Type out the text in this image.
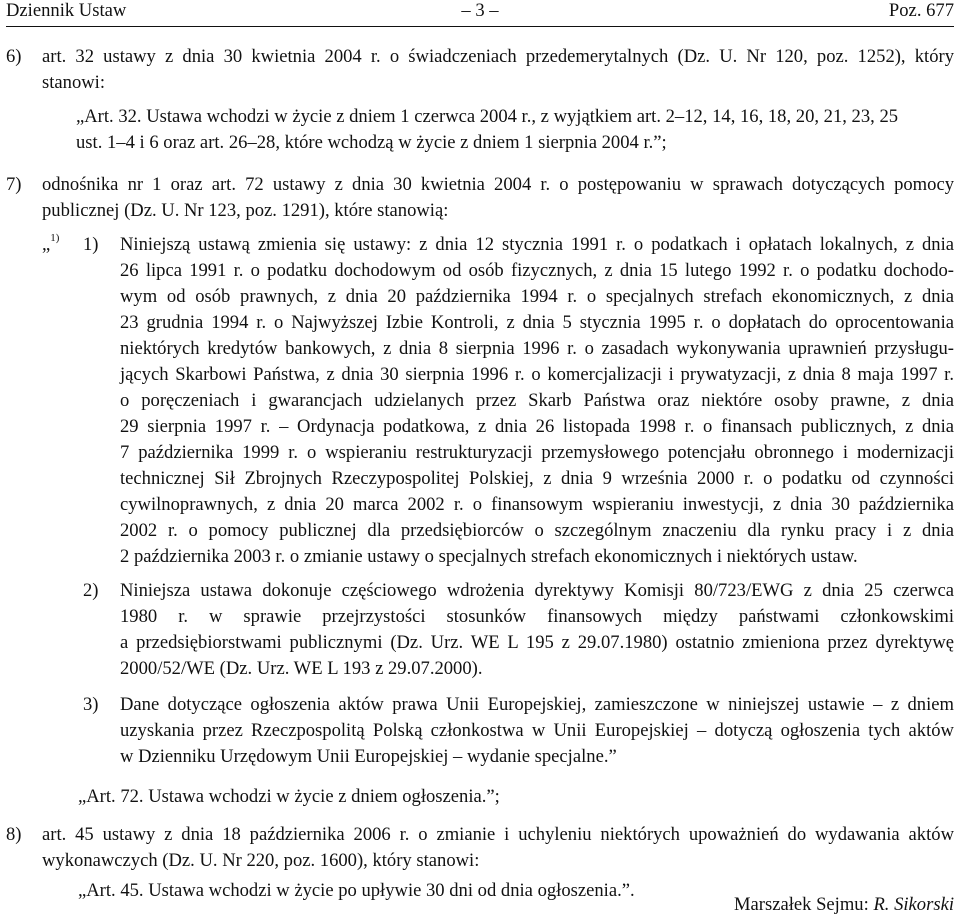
Dziennik Ustaw	– 3 –	Poz. 677
6) art. 32 ustawy z dnia 30 kwietnia 2004 r. o świadczeniach przedemerytalnych (Dz. U. Nr 120, poz. 1252), który
stanowi:
„Art. 32. Ustawa wchodzi w życie z dniem 1 czerwca 2004 r., z wyjątkiem art. 2–12, 14, 16, 18, 20, 21, 23, 25
ust. 1–4 i 6 oraz art. 26–28, które wchodzą w życie z dniem 1 sierpnia 2004 r.”;
7) odnośnika nr 1 oraz art. 72 ustawy z dnia 30 kwietnia 2004 r. o postępowaniu w sprawach dotyczących pomocy
publicznej (Dz. U. Nr 123, poz. 1291), które stanowią:
„$^{1)}$ 1) Niniejszą ustawą zmienia się ustawy: z dnia 12 stycznia 1991 r. o podatkach i opłatach lokalnych, z dnia
26 lipca 1991 r. o podatku dochodowym od osób fizycznych, z dnia 15 lutego 1992 r. o podatku dochodo-
wym od osób prawnych, z dnia 20 października 1994 r. o specjalnych strefach ekonomicznych, z dnia
23 grudnia 1994 r. o Najwyższej Izbie Kontroli, z dnia 5 stycznia 1995 r. o dopłatach do oprocentowania
niektórych kredytów bankowych, z dnia 8 sierpnia 1996 r. o zasadach wykonywania uprawnień przysługu-
jących Skarbowi Państwa, z dnia 30 sierpnia 1996 r. o komercjalizacji i prywatyzacji, z dnia 8 maja 1997 r.
o poręczeniach i gwarancjach udzielanych przez Skarb Państwa oraz niektóre osoby prawne, z dnia
29 sierpnia 1997 r. – Ordynacja podatkowa, z dnia 26 listopada 1998 r. o finansach publicznych, z dnia
7 października 1999 r. o wspieraniu restrukturyzacji przemysłowego potencjału obronnego i modernizacji
technicznej Sił Zbrojnych Rzeczypospolitej Polskiej, z dnia 9 września 2000 r. o podatku od czynności
cywilnoprawnych, z dnia 20 marca 2002 r. o finansowym wspieraniu inwestycji, z dnia 30 października
2002 r. o pomocy publicznej dla przedsiębiorców o szczególnym znaczeniu dla rynku pracy i z dnia
2 października 2003 r. o zmianie ustawy o specjalnych strefach ekonomicznych i niektórych ustaw.
2) Niniejsza ustawa dokonuje częściowego wdrożenia dyrektywy Komisji 80/723/EWG z dnia 25 czerwca
1980 r. w sprawie przejrzystości stosunków finansowych między państwami członkowskimi
a przedsiębiorstwami publicznymi (Dz. Urz. WE L 195 z 29.07.1980) ostatnio zmieniona przez dyrektywę
2000/52/WE (Dz. Urz. WE L 193 z 29.07.2000).
3) Dane dotyczące ogłoszenia aktów prawa Unii Europejskiej, zamieszczone w niniejszej ustawie – z dniem
uzyskania przez Rzeczpospolitą Polską członkostwa w Unii Europejskiej – dotyczą ogłoszenia tych aktów
w Dzienniku Urzędowym Unii Europejskiej – wydanie specjalne.”
„Art. 72. Ustawa wchodzi w życie z dniem ogłoszenia.”;
8) art. 45 ustawy z dnia 18 października 2006 r. o zmianie i uchyleniu niektórych upoważnień do wydawania aktów
wykonawczych (Dz. U. Nr 220, poz. 1600), który stanowi:
„Art. 45. Ustawa wchodzi w życie po upływie 30 dni od dnia ogłoszenia.”.
Marszałek Sejmu: R. Sikorski
